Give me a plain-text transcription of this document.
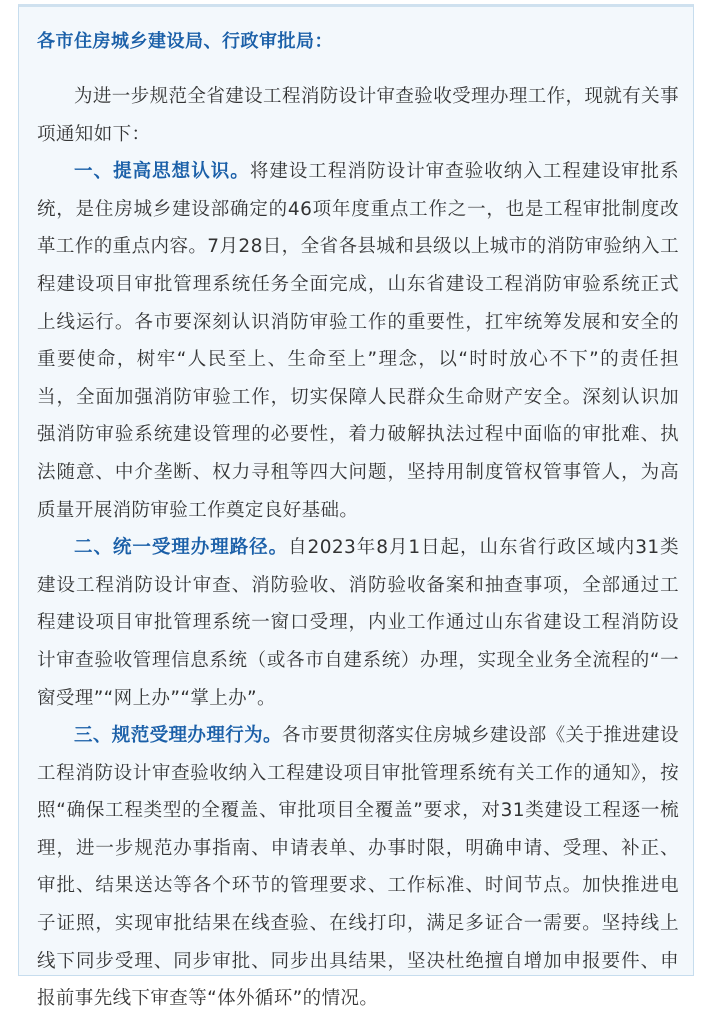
各市住房城乡建设局、行政审批局：

为进一步规范全省建设工程消防设计审查验收受理办理工作，现就有关事项通知如下：

一、提高思想认识。将建设工程消防设计审查验收纳入工程建设审批系统，是住房城乡建设部确定的46项年度重点工作之一，也是工程审批制度改革工作的重点内容。7月28日，全省各县城和县级以上城市的消防审验纳入工程建设项目审批管理系统任务全面完成，山东省建设工程消防审验系统正式上线运行。各市要深刻认识消防审验工作的重要性，扛牢统筹发展和安全的重要使命，树牢“人民至上、生命至上”理念，以“时时放心不下”的责任担当，全面加强消防审验工作，切实保障人民群众生命财产安全。深刻认识加强消防审验系统建设管理的必要性，着力破解执法过程中面临的审批难、执法随意、中介垄断、权力寻租等四大问题，坚持用制度管权管事管人，为高质量开展消防审验工作奠定良好基础。

二、统一受理办理路径。自2023年8月1日起，山东省行政区域内31类建设工程消防设计审查、消防验收、消防验收备案和抽查事项，全部通过工程建设项目审批管理系统一窗口受理，内业工作通过山东省建设工程消防设计审查验收管理信息系统（或各市自建系统）办理，实现全业务全流程的“一窗受理”“网上办”“掌上办”。

三、规范受理办理行为。各市要贯彻落实住房城乡建设部《关于推进建设工程消防设计审查验收纳入工程建设项目审批管理系统有关工作的通知》，按照“确保工程类型的全覆盖、审批项目全覆盖”要求，对31类建设工程逐一梳理，进一步规范办事指南、申请表单、办事时限，明确申请、受理、补正、审批、结果送达等各个环节的管理要求、工作标准、时间节点。加快推进电子证照，实现审批结果在线查验、在线打印，满足多证合一需要。坚持线上线下同步受理、同步审批、同步出具结果，坚决杜绝擅自增加申报要件、申报前事先线下审查等“体外循环”的情况。
